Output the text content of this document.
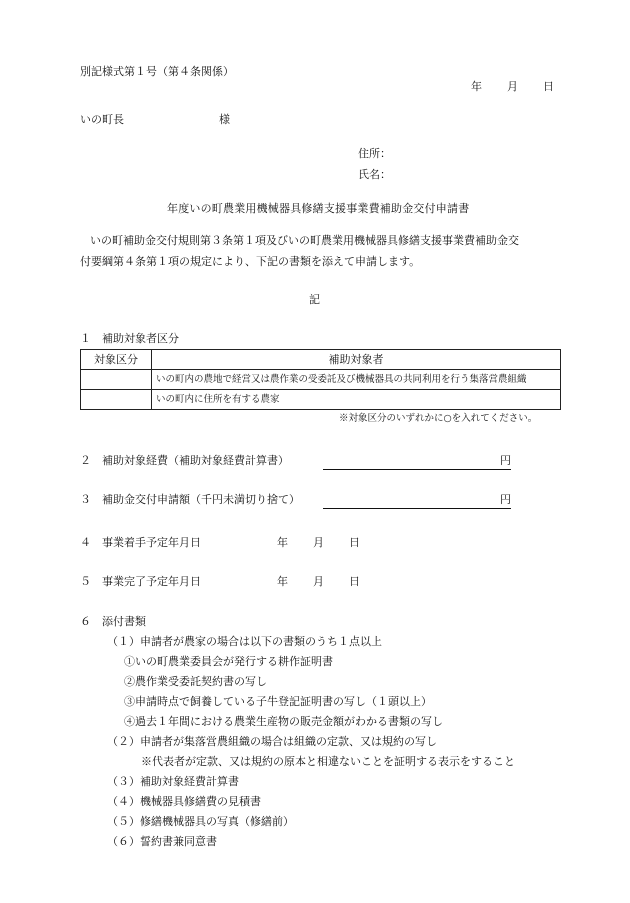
別記様式第１号（第４条関係）
年 月 日
いの町長	様
住所：
氏名：
年度いの町農業用機械器具修繕支援事業費補助金交付申請書
いの町補助金交付規則第３条第１項及びいの町農業用機械器具修繕支援事業費補助金交
付要綱第４条第１項の規定により、下記の書類を添えて申請します。
記
１ 補助対象者区分
対象区分	補助対象者
	いの町内の農地で経営又は農作業の受委託及び機械器具の共同利用を行う集落営農組織
	いの町内に住所を有する農家
※対象区分のいずれかに○を入れてください。
２ 補助対象経費（補助対象経費計算書）	円
３ 補助金交付申請額（千円未満切り捨て）	円
４ 事業着手予定年月日	年 月 日
５ 事業完了予定年月日	年 月 日
６ 添付書類
（１）申請者が農家の場合は以下の書類のうち１点以上
①いの町農業委員会が発行する耕作証明書
②農作業受委託契約書の写し
③申請時点で飼養している子牛登記証明書の写し（１頭以上）
④過去１年間における農業生産物の販売金額がわかる書類の写し
（２）申請者が集落営農組織の場合は組織の定款、又は規約の写し
※代表者が定款、又は規約の原本と相違ないことを証明する表示をすること
（３）補助対象経費計算書
（４）機械器具修繕費の見積書
（５）修繕機械器具の写真（修繕前）
（６）誓約書兼同意書
